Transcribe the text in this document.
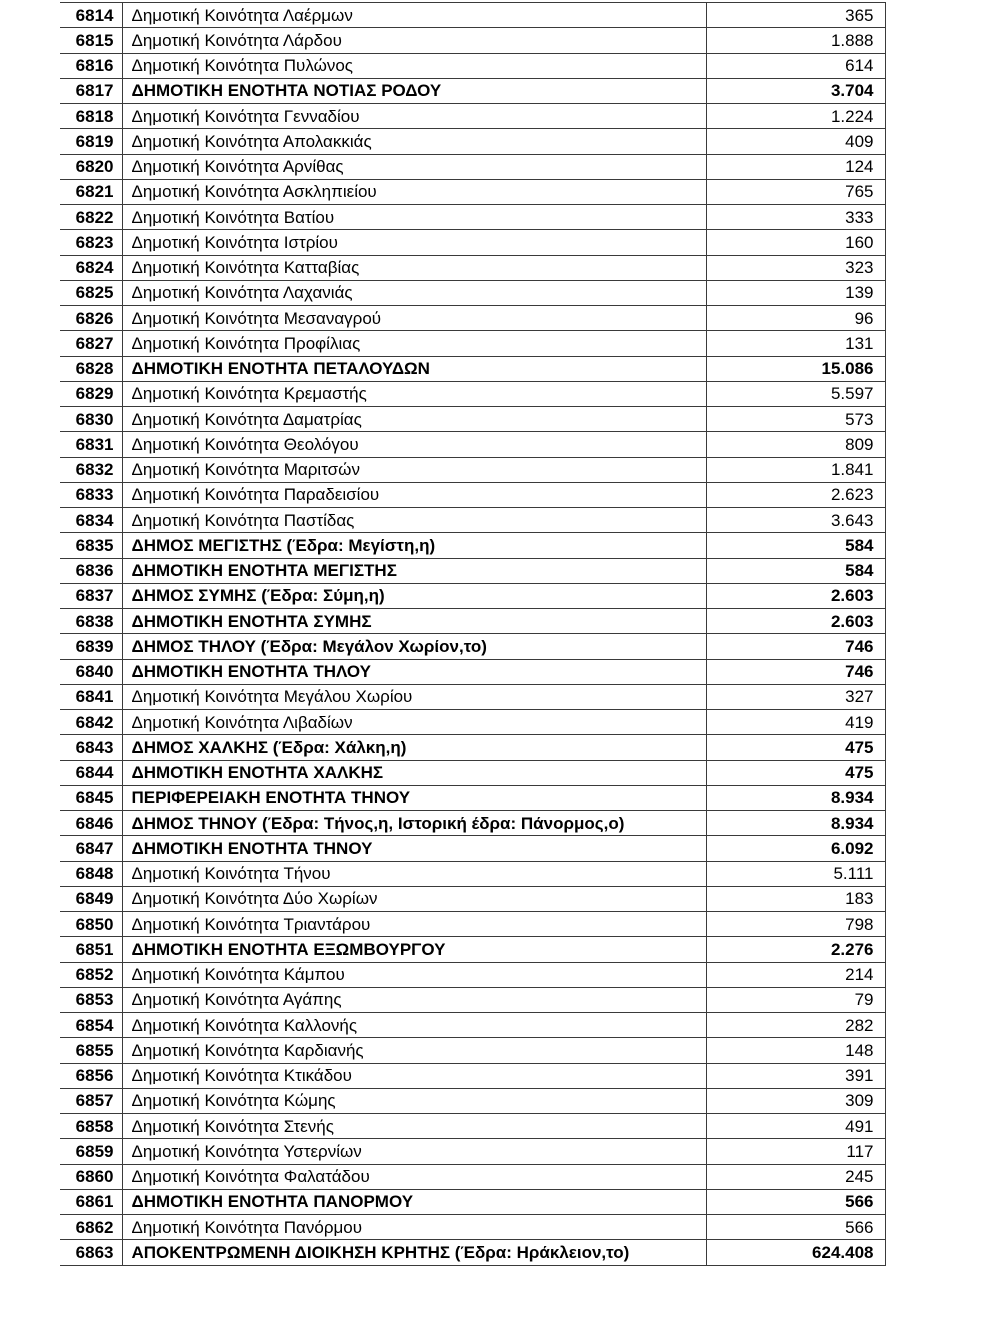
6814	Δημοτική Κοινότητα Λαέρμων	365
6815	Δημοτική Κοινότητα Λάρδου	1.888
6816	Δημοτική Κοινότητα Πυλώνος	614
6817	ΔΗΜΟΤΙΚΗ ΕΝΟΤΗΤΑ ΝΟΤΙΑΣ ΡΟΔΟΥ	3.704
6818	Δημοτική Κοινότητα Γενναδίου	1.224
6819	Δημοτική Κοινότητα Απολακκιάς	409
6820	Δημοτική Κοινότητα Αρνίθας	124
6821	Δημοτική Κοινότητα Ασκληπιείου	765
6822	Δημοτική Κοινότητα Βατίου	333
6823	Δημοτική Κοινότητα Ιστρίου	160
6824	Δημοτική Κοινότητα Κατταβίας	323
6825	Δημοτική Κοινότητα Λαχανιάς	139
6826	Δημοτική Κοινότητα Μεσαναγρού	96
6827	Δημοτική Κοινότητα Προφίλιας	131
6828	ΔΗΜΟΤΙΚΗ ΕΝΟΤΗΤΑ ΠΕΤΑΛΟΥΔΩΝ	15.086
6829	Δημοτική Κοινότητα Κρεμαστής	5.597
6830	Δημοτική Κοινότητα Δαματρίας	573
6831	Δημοτική Κοινότητα Θεολόγου	809
6832	Δημοτική Κοινότητα Μαριτσών	1.841
6833	Δημοτική Κοινότητα Παραδεισίου	2.623
6834	Δημοτική Κοινότητα Παστίδας	3.643
6835	ΔΗΜΟΣ ΜΕΓΙΣΤΗΣ (Έδρα: Μεγίστη,η)	584
6836	ΔΗΜΟΤΙΚΗ ΕΝΟΤΗΤΑ ΜΕΓΙΣΤΗΣ	584
6837	ΔΗΜΟΣ ΣΥΜΗΣ (Έδρα: Σύμη,η)	2.603
6838	ΔΗΜΟΤΙΚΗ ΕΝΟΤΗΤΑ ΣΥΜΗΣ	2.603
6839	ΔΗΜΟΣ ΤΗΛΟΥ (Έδρα: Μεγάλον Χωρίον,το)	746
6840	ΔΗΜΟΤΙΚΗ ΕΝΟΤΗΤΑ ΤΗΛΟΥ	746
6841	Δημοτική Κοινότητα Μεγάλου Χωρίου	327
6842	Δημοτική Κοινότητα Λιβαδίων	419
6843	ΔΗΜΟΣ ΧΑΛΚΗΣ (Έδρα: Χάλκη,η)	475
6844	ΔΗΜΟΤΙΚΗ ΕΝΟΤΗΤΑ ΧΑΛΚΗΣ	475
6845	ΠΕΡΙΦΕΡΕΙΑΚΗ ΕΝΟΤΗΤΑ ΤΗΝΟΥ	8.934
6846	ΔΗΜΟΣ ΤΗΝΟΥ (Έδρα: Τήνος,η, Ιστορική έδρα: Πάνορμος,ο)	8.934
6847	ΔΗΜΟΤΙΚΗ ΕΝΟΤΗΤΑ ΤΗΝΟΥ	6.092
6848	Δημοτική Κοινότητα Τήνου	5.111
6849	Δημοτική Κοινότητα Δύο Χωρίων	183
6850	Δημοτική Κοινότητα Τριαντάρου	798
6851	ΔΗΜΟΤΙΚΗ ΕΝΟΤΗΤΑ ΕΞΩΜΒΟΥΡΓΟΥ	2.276
6852	Δημοτική Κοινότητα Κάμπου	214
6853	Δημοτική Κοινότητα Αγάπης	79
6854	Δημοτική Κοινότητα Καλλονής	282
6855	Δημοτική Κοινότητα Καρδιανής	148
6856	Δημοτική Κοινότητα Κτικάδου	391
6857	Δημοτική Κοινότητα Κώμης	309
6858	Δημοτική Κοινότητα Στενής	491
6859	Δημοτική Κοινότητα Υστερνίων	117
6860	Δημοτική Κοινότητα Φαλατάδου	245
6861	ΔΗΜΟΤΙΚΗ ΕΝΟΤΗΤΑ ΠΑΝΟΡΜΟΥ	566
6862	Δημοτική Κοινότητα Πανόρμου	566
6863	ΑΠΟΚΕΝΤΡΩΜΕΝΗ ΔΙΟΙΚΗΣΗ ΚΡΗΤΗΣ (Έδρα: Ηράκλειον,το)	624.408
